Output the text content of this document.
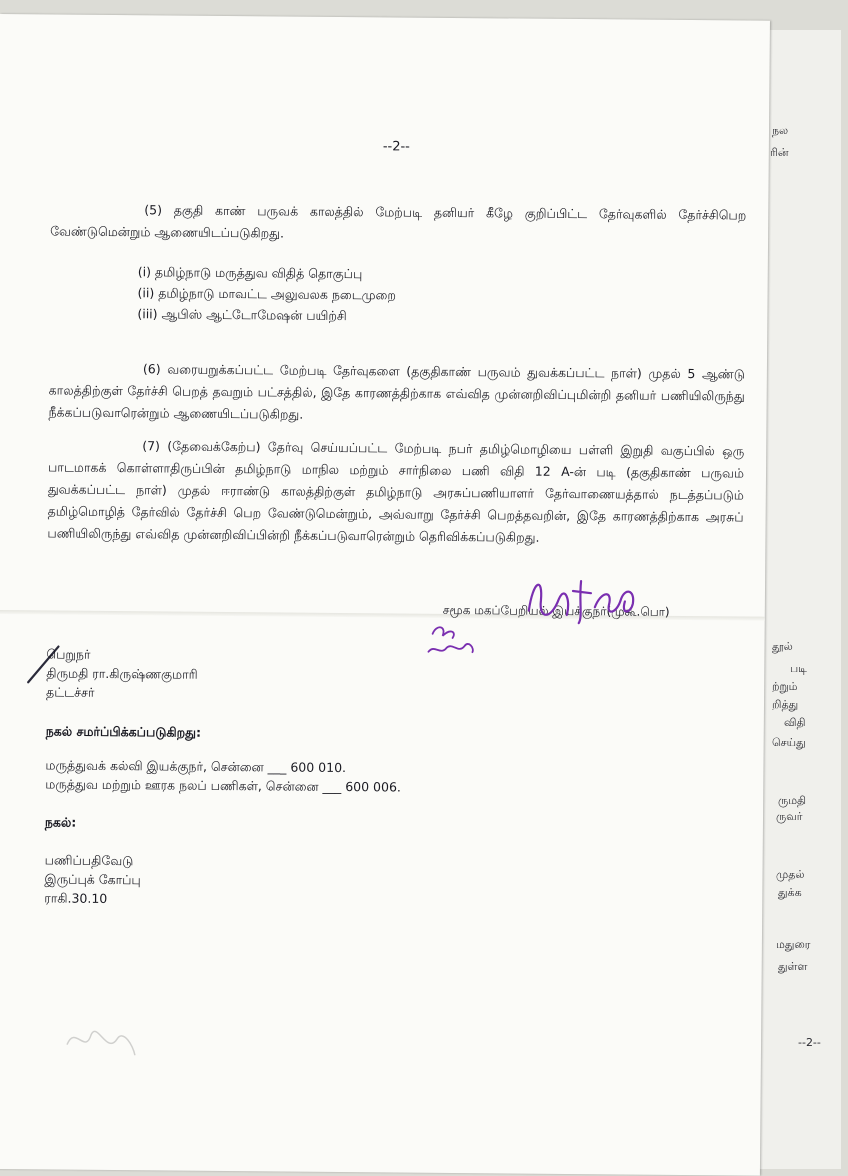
நல
ரின்
தூல்
படி
ற்றும்
றித்து
விதி
செய்து
ருமதி
ருவர்
முதல்
துக்க
மதுரை
துள்ள
--2--
--2--
(5) தகுதி காண் பருவக் காலத்தில் மேற்படி தனியர் கீழே குறிப்பிட்ட தேர்வுகளில் தேர்ச்சிபெற வேண்டுமென்றும் ஆணையிடப்படுகிறது.
(i) தமிழ்நாடு மருத்துவ விதித் தொகுப்பு
(ii) தமிழ்நாடு மாவட்ட அலுவலக நடைமுறை
(iii) ஆபிஸ் ஆட்டோமேஷன் பயிற்சி
(6) வரையறுக்கப்பட்ட மேற்படி தேர்வுகளை (தகுதிகாண் பருவம் துவக்கப்பட்ட நாள்) முதல் 5 ஆண்டு காலத்திற்குள் தேர்ச்சி பெறத் தவறும் பட்சத்தில், இதே காரணத்திற்காக எவ்வித முன்னறிவிப்புமின்றி தனியர் பணியிலிருந்து நீக்கப்படுவாரென்றும் ஆணையிடப்படுகிறது.
(7) (தேவைக்கேற்ப) தேர்வு செய்யப்பட்ட மேற்படி நபர் தமிழ்மொழியை பள்ளி இறுதி வகுப்பில் ஒரு பாடமாகக் கொள்ளாதிருப்பின் தமிழ்நாடு மாநில மற்றும் சார்நிலை பணி விதி 12 A-ன் படி (தகுதிகாண் பருவம் துவக்கப்பட்ட நாள்) முதல் ஈராண்டு காலத்திற்குள் தமிழ்நாடு அரசுப்பணியாளர் தேர்வாணையத்தால் நடத்தப்படும் தமிழ்மொழித் தேர்வில் தேர்ச்சி பெற வேண்டுமென்றும், அவ்வாறு தேர்ச்சி பெறத்தவறின், இதே காரணத்திற்காக அரசுப் பணியிலிருந்து எவ்வித முன்னறிவிப்பின்றி நீக்கப்படுவாரென்றும் தெரிவிக்கப்படுகிறது.
சமூக மகப்பேறியல் இயக்குநர்(முகூ.பொ)
பெறுநர்
திருமதி ரா.கிருஷ்ணகுமாரி
தட்டச்சர்
நகல் சமர்ப்பிக்கப்படுகிறது:
மருத்துவக் கல்வி இயக்குநர், சென்னை ___ 600 010.
மருத்துவ மற்றும் ஊரக நலப் பணிகள், சென்னை ___ 600 006.
நகல்:
பணிப்பதிவேடு
இருப்புக் கோப்பு
ராகி.30.10
